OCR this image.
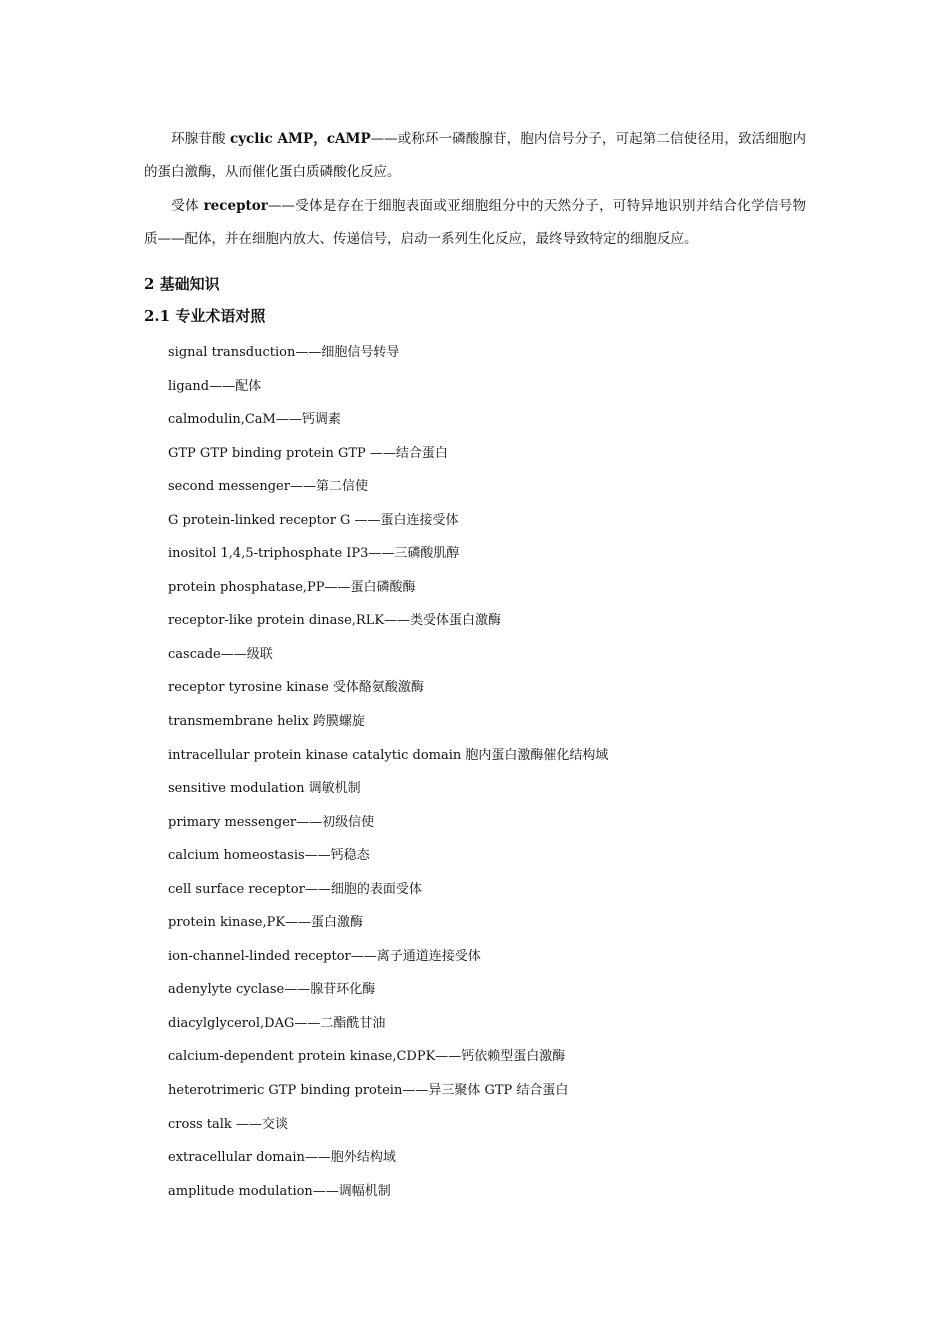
环腺苷酸 cyclic AMP，cAMP——或称环一磷酸腺苷，胞内信号分子，可起第二信使径用，致活细胞内的蛋白激酶，从而催化蛋白质磷酸化反应。

受体 receptor——受体是存在于细胞表面或亚细胞组分中的天然分子，可特异地识别并结合化学信号物质——配体，并在细胞内放大、传递信号，启动一系列生化反应，最终导致特定的细胞反应。

2 基础知识
2.1 专业术语对照
signal transduction——细胞信号转导
ligand——配体
calmodulin,CaM——钙调素
GTP GTP binding protein GTP ——结合蛋白
second messenger——第二信使
G protein-linked receptor G ——蛋白连接受体
inositol 1,4,5-triphosphate IP3——三磷酸肌醇
protein phosphatase,PP——蛋白磷酸酶
receptor-like protein dinase,RLK——类受体蛋白激酶
cascade——级联
receptor tyrosine kinase 受体酪氨酸激酶
transmembrane helix 跨膜螺旋
intracellular protein kinase catalytic domain 胞内蛋白激酶催化结构域
sensitive modulation 调敏机制
primary messenger——初级信使
calcium homeostasis——钙稳态
cell surface receptor——细胞的表面受体
protein kinase,PK——蛋白激酶
ion-channel-linded receptor——离子通道连接受体
adenylyte cyclase——腺苷环化酶
diacylglycerol,DAG——二酯酰甘油
calcium-dependent protein kinase,CDPK——钙依赖型蛋白激酶
heterotrimeric GTP binding protein——异三聚体 GTP 结合蛋白
cross talk ——交谈
extracellular domain——胞外结构域
amplitude modulation——调幅机制
